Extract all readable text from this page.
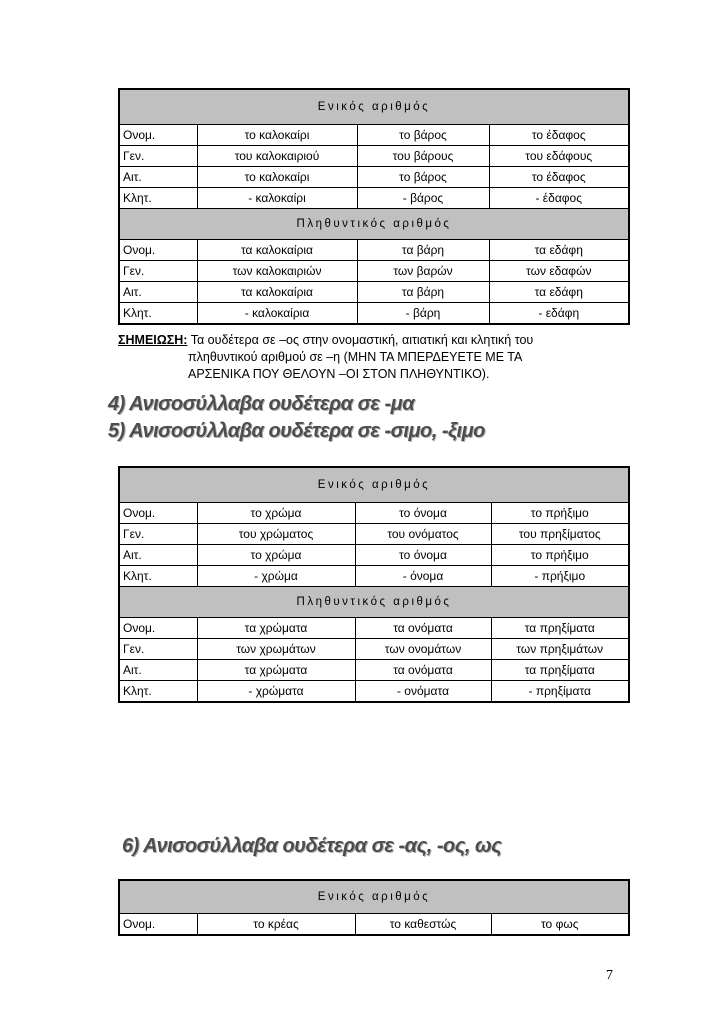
Ενικός αριθμός			
Ονομ.	το καλοκαίρι	το βάρος	το έδαφος
Γεν.	του καλοκαιριού	του βάρους	του εδάφους
Αιτ.	το καλοκαίρι	το βάρος	το έδαφος
Κλητ.	- καλοκαίρι	- βάρος	- έδαφος
Πληθυντικός αριθμός			
Ονομ.	τα καλοκαίρια	τα βάρη	τα εδάφη
Γεν.	των καλοκαιριών	των βαρών	των εδαφών
Αιτ.	τα καλοκαίρια	τα βάρη	τα εδάφη
Κλητ.	- καλοκαίρια	- βάρη	- εδάφη
ΣΗΜΕΙΩΣΗ: Τα ουδέτερα σε –ος στην ονομαστική, αιτιατική και κλητική του
πληθυντικού αριθμού σε –η (ΜΗΝ ΤΑ ΜΠΕΡΔΕΥΕΤΕ ΜΕ ΤΑ
ΑΡΣΕΝΙΚΑ ΠΟΥ ΘΕΛΟΥΝ –ΟΙ ΣΤΟΝ ΠΛΗΘΥΝΤΙΚΟ).
4) Ανισοσύλλαβα ουδέτερα σε -μα
5) Ανισοσύλλαβα ουδέτερα σε -σιμο, -ξιμο
Ενικός αριθμός			
Ονομ.	το χρώμα	το όνομα	το πρήξιμο
Γεν.	του χρώματος	του ονόματος	του πρηξίματος
Αιτ.	το χρώμα	το όνομα	το πρήξιμο
Κλητ.	- χρώμα	- όνομα	- πρήξιμο
Πληθυντικός αριθμός			
Ονομ.	τα χρώματα	τα ονόματα	τα πρηξίματα
Γεν.	των χρωμάτων	των ονομάτων	των πρηξιμάτων
Αιτ.	τα χρώματα	τα ονόματα	τα πρηξίματα
Κλητ.	- χρώματα	- ονόματα	- πρηξίματα
6) Ανισοσύλλαβα ουδέτερα σε -ας, -ος, ως
Ενικός αριθμός
Ονομ.	το κρέας	το καθεστώς	το φως
7
